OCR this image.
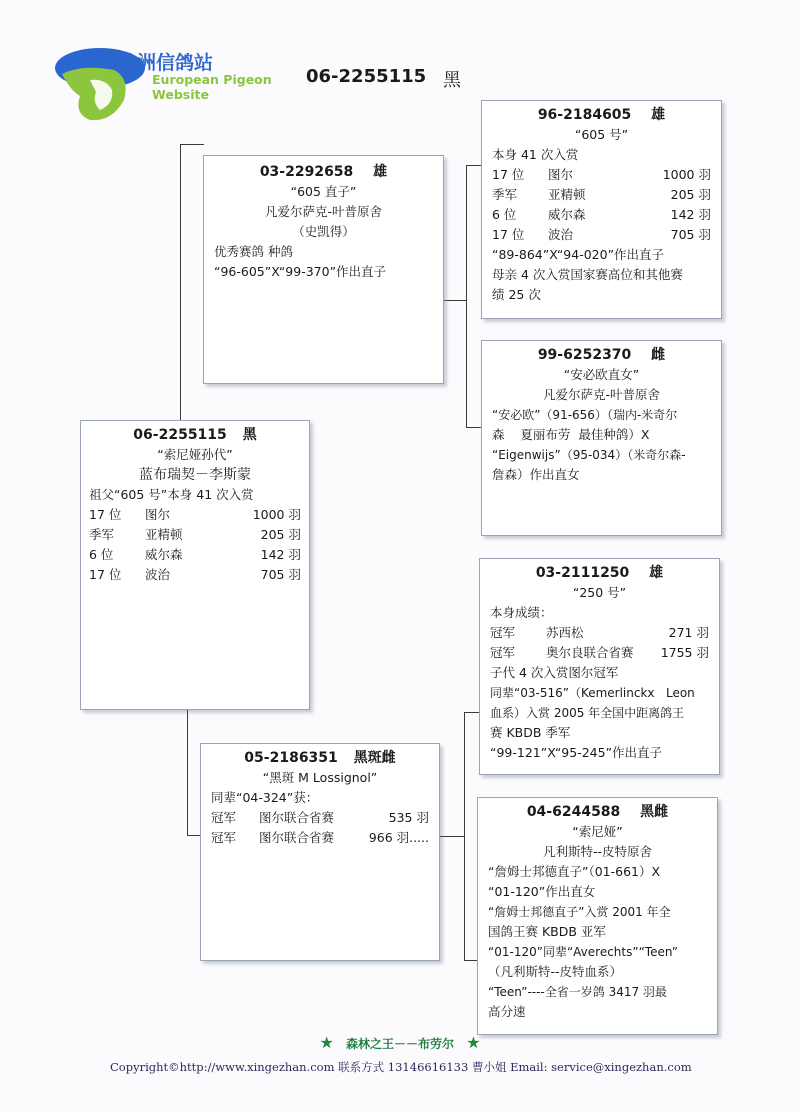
欧洲信鸽站
European Pigeon
Website
06-2255115 黑
06-2255115 黑
“索尼娅孙代”
蓝布瑞契－李斯蒙
祖父“605 号”本身 41 次入赏
17 位	图尔	1000 羽
季军	亚精顿	205 羽
6 位	威尔森	142 羽
17 位	波治	705 羽
03-2292658 雄
“605 直子”
凡爱尔萨克-叶普原舍
（史凯得）
优秀赛鸽 种鸽
“96-605”X“99-370”作出直子
96-2184605 雄
“605 号”
本身 41 次入赏
17 位	图尔	1000 羽
季军	亚精顿	205 羽
6 位	威尔森	142 羽
17 位	波治	705 羽
“89-864”X“94-020”作出直子
母亲 4 次入赏国家赛高位和其他赛
绩 25 次
99-6252370 雌
“安必欧直女”
凡爱尔萨克-叶普原舍
“安必欧”（91-656）（瑞内-米奇尔
森    夏丽布劳  最佳种鸽）X
“Eigenwijs”（95-034）（米奇尔森-
詹森）作出直女
05-2186351 黑斑雌
“黑斑 M Lossignol”
同辈“04-324”获：
冠军	图尔联合省赛	535 羽
冠军	图尔联合省赛	966 羽.....
03-2111250 雄
“250 号”
本身成绩：
冠军	苏西松	271 羽
冠军	奥尔良联合省赛	1755 羽
子代 4 次入赏图尔冠军
同辈“03-516”（Kemerlinckx   Leon
血系）入赏 2005 年全国中距离鸽王
赛 KBDB 季军
“99-121”X“95-245”作出直子
04-6244588 黑雌
“索尼娅”
凡利斯特--皮特原舍
“詹姆士邦德直子”（01-661）X
“01-120”作出直女
“詹姆士邦德直子”入赏 2001 年全
国鸽王赛 KBDB 亚军
“01-120”同辈“Averechts”“Teen”
（凡利斯特--皮特血系）
“Teen”----全省一岁鸽 3417 羽最
高分速
★ 森林之王－－布劳尔 ★
Copyright©http://www.xingezhan.com 联系方式 13146616133 曹小姐 Email: service@xingezhan.com
